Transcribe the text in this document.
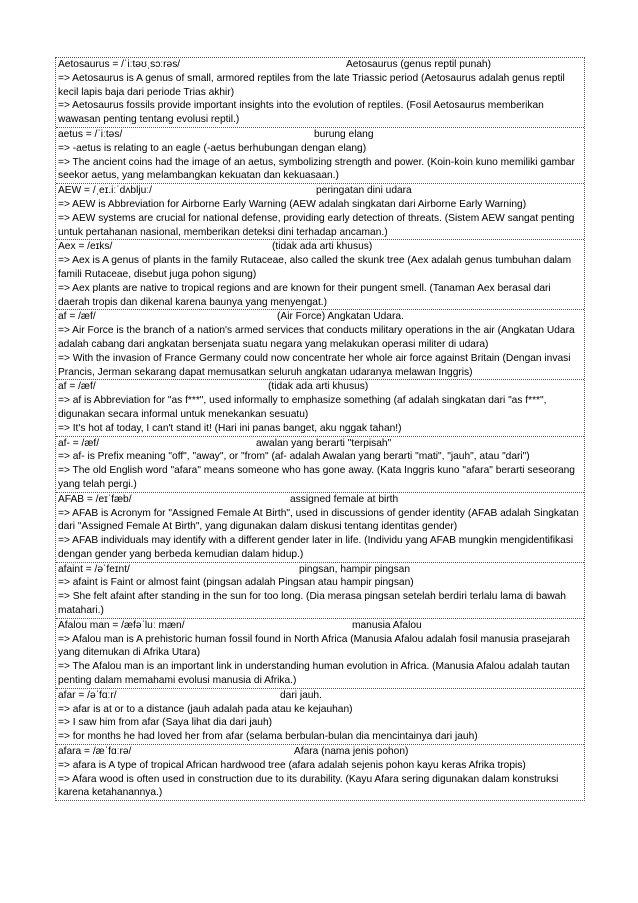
Aetosaurus = /ˈiːtəʊˌsɔːrəs/	Aetosaurus (genus reptil punah)
=> Aetosaurus is A genus of small, armored reptiles from the late Triassic period (Aetosaurus adalah genus reptil kecil lapis baja dari periode Trias akhir)
=> Aetosaurus fossils provide important insights into the evolution of reptiles. (Fosil Aetosaurus memberikan wawasan penting tentang evolusi reptil.)
aetus = /ˈiːtəs/	burung elang
=> -aetus is relating to an eagle (-aetus berhubungan dengan elang)
=> The ancient coins had the image of an aetus, symbolizing strength and power. (Koin-koin kuno memiliki gambar seekor aetus, yang melambangkan kekuatan dan kekuasaan.)
AEW = /ˌeɪ.iːˈdʌbljuː/	peringatan dini udara
=> AEW is Abbreviation for Airborne Early Warning (AEW adalah singkatan dari Airborne Early Warning)
=> AEW systems are crucial for national defense, providing early detection of threats. (Sistem AEW sangat penting untuk pertahanan nasional, memberikan deteksi dini terhadap ancaman.)
Aex = /eɪks/	(tidak ada arti khusus)
=> Aex is A genus of plants in the family Rutaceae, also called the skunk tree (Aex adalah genus tumbuhan dalam famili Rutaceae, disebut juga pohon sigung)
=> Aex plants are native to tropical regions and are known for their pungent smell. (Tanaman Aex berasal dari daerah tropis dan dikenal karena baunya yang menyengat.)
af = /æf/	(Air Force) Angkatan Udara.
=> Air Force is the branch of a nation's armed services that conducts military operations in the air (Angkatan Udara adalah cabang dari angkatan bersenjata suatu negara yang melakukan operasi militer di udara)
=> With the invasion of France Germany could now concentrate her whole air force against Britain (Dengan invasi Prancis, Jerman sekarang dapat memusatkan seluruh angkatan udaranya melawan Inggris)
af = /æf/	(tidak ada arti khusus)
=> af is Abbreviation for "as f***", used informally to emphasize something (af adalah singkatan dari "as f***", digunakan secara informal untuk menekankan sesuatu)
=> It's hot af today, I can't stand it! (Hari ini panas banget, aku nggak tahan!)
af- = /æf/	awalan yang berarti "terpisah"
=> af- is Prefix meaning "off", "away", or "from" (af- adalah Awalan yang berarti "mati", "jauh", atau "dari")
=> The old English word "afara" means someone who has gone away. (Kata Inggris kuno "afara" berarti seseorang yang telah pergi.)
AFAB = /eɪˈfæb/	assigned female at birth
=> AFAB is Acronym for "Assigned Female At Birth", used in discussions of gender identity (AFAB adalah Singkatan dari "Assigned Female At Birth", yang digunakan dalam diskusi tentang identitas gender)
=> AFAB individuals may identify with a different gender later in life. (Individu yang AFAB mungkin mengidentifikasi dengan gender yang berbeda kemudian dalam hidup.)
afaint = /əˈfeɪnt/	pingsan, hampir pingsan
=> afaint is Faint or almost faint (pingsan adalah Pingsan atau hampir pingsan)
=> She felt afaint after standing in the sun for too long. (Dia merasa pingsan setelah berdiri terlalu lama di bawah matahari.)
Afalou man = /æfəˈluː mæn/	manusia Afalou
=> Afalou man is A prehistoric human fossil found in North Africa (Manusia Afalou adalah fosil manusia prasejarah yang ditemukan di Afrika Utara)
=> The Afalou man is an important link in understanding human evolution in Africa. (Manusia Afalou adalah tautan penting dalam memahami evolusi manusia di Afrika.)
afar = /əˈfɑːr/	dari jauh.
=> afar is at or to a distance (jauh adalah pada atau ke kejauhan)
=> I saw him from afar (Saya lihat dia dari jauh)
=> for months he had loved her from afar (selama berbulan-bulan dia mencintainya dari jauh)
afara = /æˈfɑːrə/	Afara (nama jenis pohon)
=> afara is A type of tropical African hardwood tree (afara adalah sejenis pohon kayu keras Afrika tropis)
=> Afara wood is often used in construction due to its durability. (Kayu Afara sering digunakan dalam konstruksi karena ketahanannya.)
